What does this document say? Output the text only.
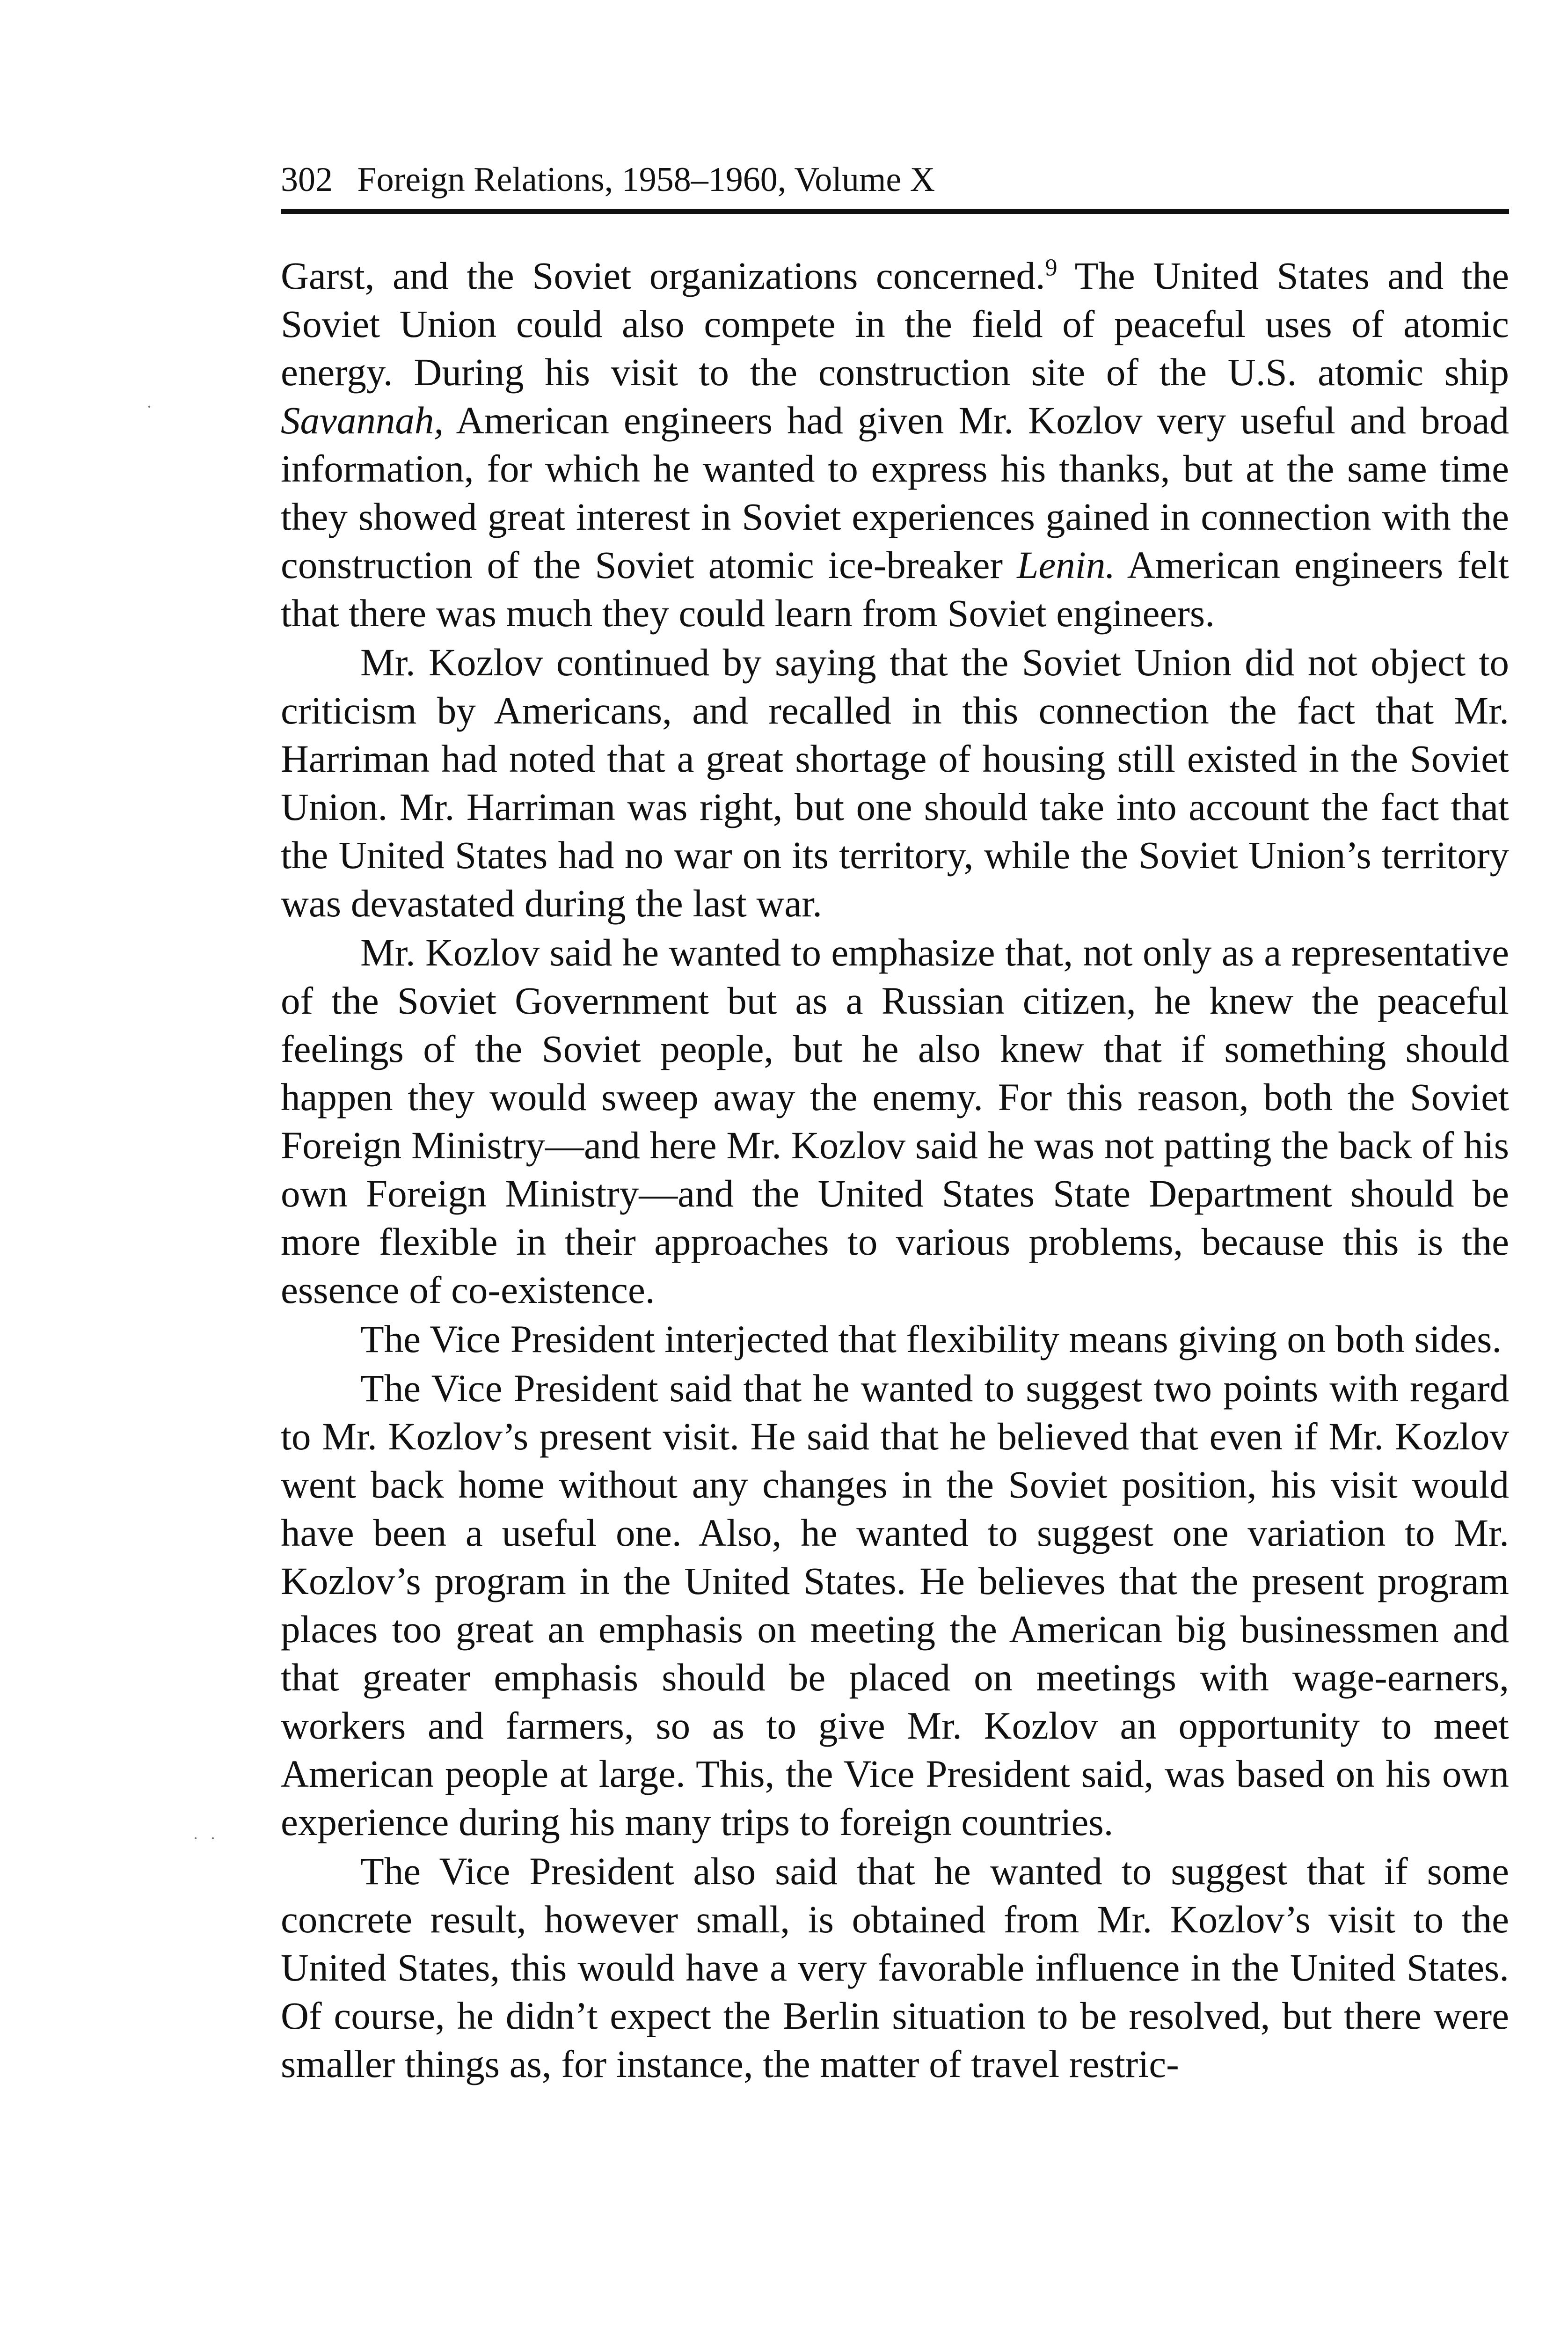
302 Foreign Relations, 1958–1960, Volume X

Garst, and the Soviet organizations concerned.$^9$ The United States and the Soviet Union could also compete in the field of peaceful uses of atomic energy. During his visit to the construction site of the U.S. atomic ship Savannah, American engineers had given Mr. Kozlov very useful and broad information, for which he wanted to express his thanks, but at the same time they showed great interest in Soviet experiences gained in connection with the construction of the Soviet atomic ice-breaker Lenin. American engineers felt that there was much they could learn from Soviet engineers.

Mr. Kozlov continued by saying that the Soviet Union did not object to criticism by Americans, and recalled in this connection the fact that Mr. Harriman had noted that a great shortage of housing still existed in the Soviet Union. Mr. Harriman was right, but one should take into account the fact that the United States had no war on its territory, while the Soviet Union’s territory was devastated during the last war.

Mr. Kozlov said he wanted to emphasize that, not only as a representative of the Soviet Government but as a Russian citizen, he knew the peaceful feelings of the Soviet people, but he also knew that if something should happen they would sweep away the enemy. For this reason, both the Soviet Foreign Ministry—and here Mr. Kozlov said he was not patting the back of his own Foreign Ministry—and the United States State Department should be more flexible in their approaches to various problems, because this is the essence of co-existence.

The Vice President interjected that flexibility means giving on both sides.

The Vice President said that he wanted to suggest two points with regard to Mr. Kozlov’s present visit. He said that he believed that even if Mr. Kozlov went back home without any changes in the Soviet position, his visit would have been a useful one. Also, he wanted to suggest one variation to Mr. Kozlov’s program in the United States. He believes that the present program places too great an emphasis on meeting the American big businessmen and that greater emphasis should be placed on meetings with wage-earners, workers and farmers, so as to give Mr. Kozlov an opportunity to meet American people at large. This, the Vice President said, was based on his own experience during his many trips to foreign countries.

The Vice President also said that he wanted to suggest that if some concrete result, however small, is obtained from Mr. Kozlov’s visit to the United States, this would have a very favorable influence in the United States. Of course, he didn’t expect the Berlin situation to be resolved, but there were smaller things as, for instance, the matter of travel restric-

·
· ·
